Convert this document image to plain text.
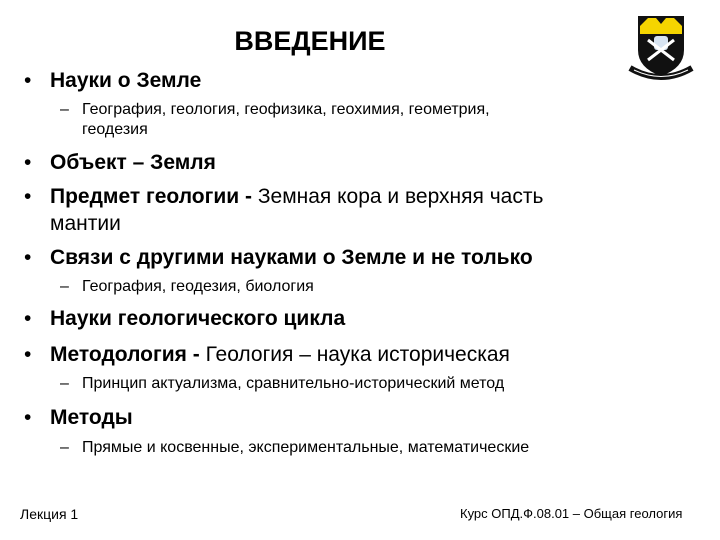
ВВЕДЕНИЕ
• Науки о Земле
– География, геология, геофизика, геохимия, геометрия, геодезия
• Объект – Земля
• Предмет геологии - Земная кора и верхняя часть мантии
• Связи с другими науками о Земле и не только
– География, геодезия, биология
• Науки геологического цикла
• Методология - Геология – наука историческая
– Принцип актуализма, сравнительно-исторический метод
• Методы
– Прямые и косвенные, экспериментальные, математические
Лекция 1	Курс ОПД.Ф.08.01 – Общая геология
